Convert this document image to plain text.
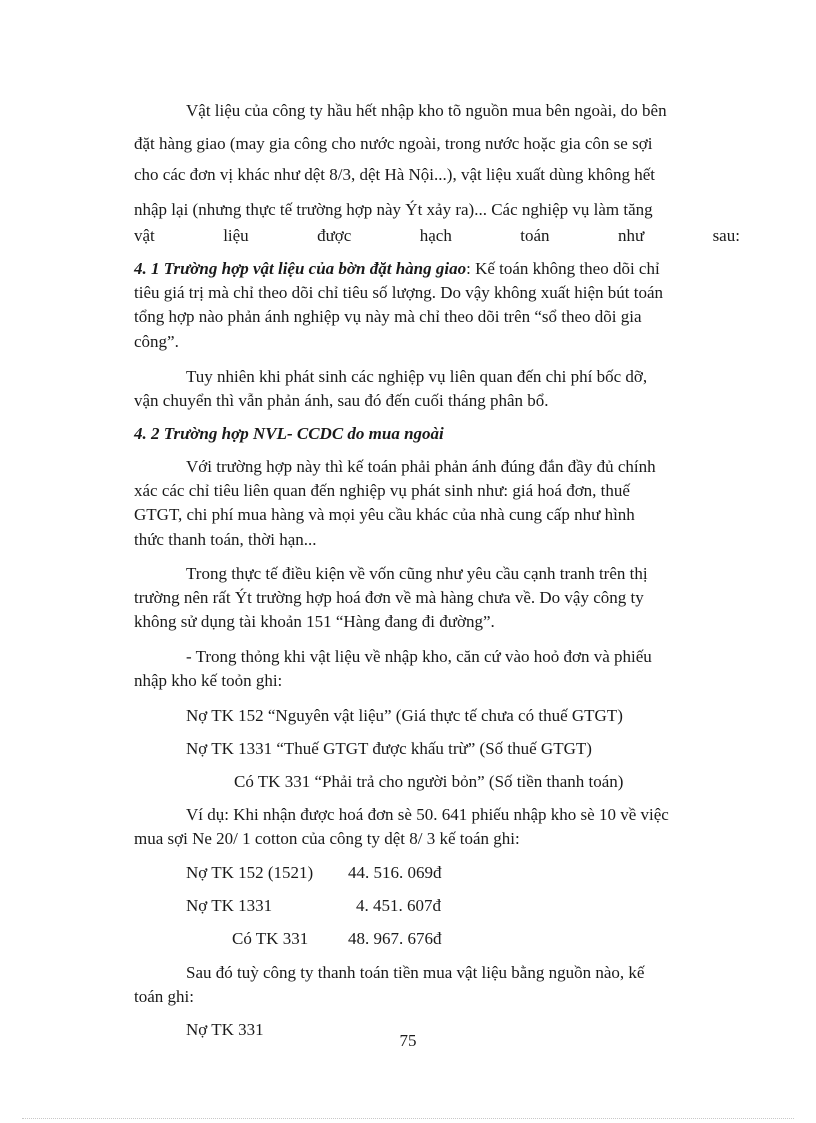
Vật liệu của công ty hầu hết nhập kho tõ nguồn mua bên ngoài, do bên
đặt hàng giao (may gia công cho nước ngoài, trong nước hoặc gia côn se sợi
cho các đơn vị khác như dệt 8/3, dệt Hà Nội...), vật liệu xuất dùng không hết
nhập lại (nhưng thực tế trường hợp này Ýt xảy ra)... Các nghiệp vụ làm tăng
vật	liệu	được	hạch	toán	như	sau:
4. 1 Trường hợp vật liệu của bờn đặt hàng giao: Kế toán không theo dõi chỉ
tiêu giá trị mà chỉ theo dõi chỉ tiêu số lượng. Do vậy không xuất hiện bút toán
tổng hợp nào phản ánh nghiệp vụ này mà chỉ theo dõi trên “sổ theo dõi gia
công”.
Tuy nhiên khi phát sinh các nghiệp vụ liên quan đến chi phí bốc dỡ,
vận chuyển thì vẫn phản ánh, sau đó đến cuối tháng phân bổ.
4. 2 Trường hợp NVL- CCDC do mua ngoài
Với trường hợp này thì kế toán phải phản ánh đúng đắn đầy đủ chính
xác các chỉ tiêu liên quan đến nghiệp vụ phát sinh như: giá hoá đơn, thuế
GTGT, chi phí mua hàng và mọi yêu cầu khác của nhà cung cấp như hình
thức thanh toán, thời hạn...
Trong thực tế điều kiện về vốn cũng như yêu cầu cạnh tranh trên thị
trường nên rất Ýt trường hợp hoá đơn về mà hàng chưa về. Do vậy công ty
không sử dụng tài khoản 151 “Hàng đang đi đường”.
- Trong thỏng khi vật liệu về nhập kho, căn cứ vào hoỏ đơn và phiếu
nhập kho kế toỏn ghi:
Nợ TK 152 “Nguyên vật liệu” (Giá thực tế chưa có thuế GTGT)
Nợ TK 1331 “Thuế GTGT được khấu trừ” (Số thuế GTGT)
Có TK 331 “Phải trả cho người bỏn” (Số tiền thanh toán)
Ví dụ: Khi nhận được hoá đơn sè 50. 641 phiếu nhập kho sè 10 về việc
mua sợi Ne 20/ 1 cotton của công ty dệt 8/ 3 kế toán ghi:
Nợ TK 152 (1521) 44. 516. 069đ
Nợ TK 1331	4. 451. 607đ
Có TK 331 48. 967. 676đ
Sau đó tuỳ công ty thanh toán tiền mua vật liệu bằng nguồn nào, kế
toán ghi:
Nợ TK 331
75
